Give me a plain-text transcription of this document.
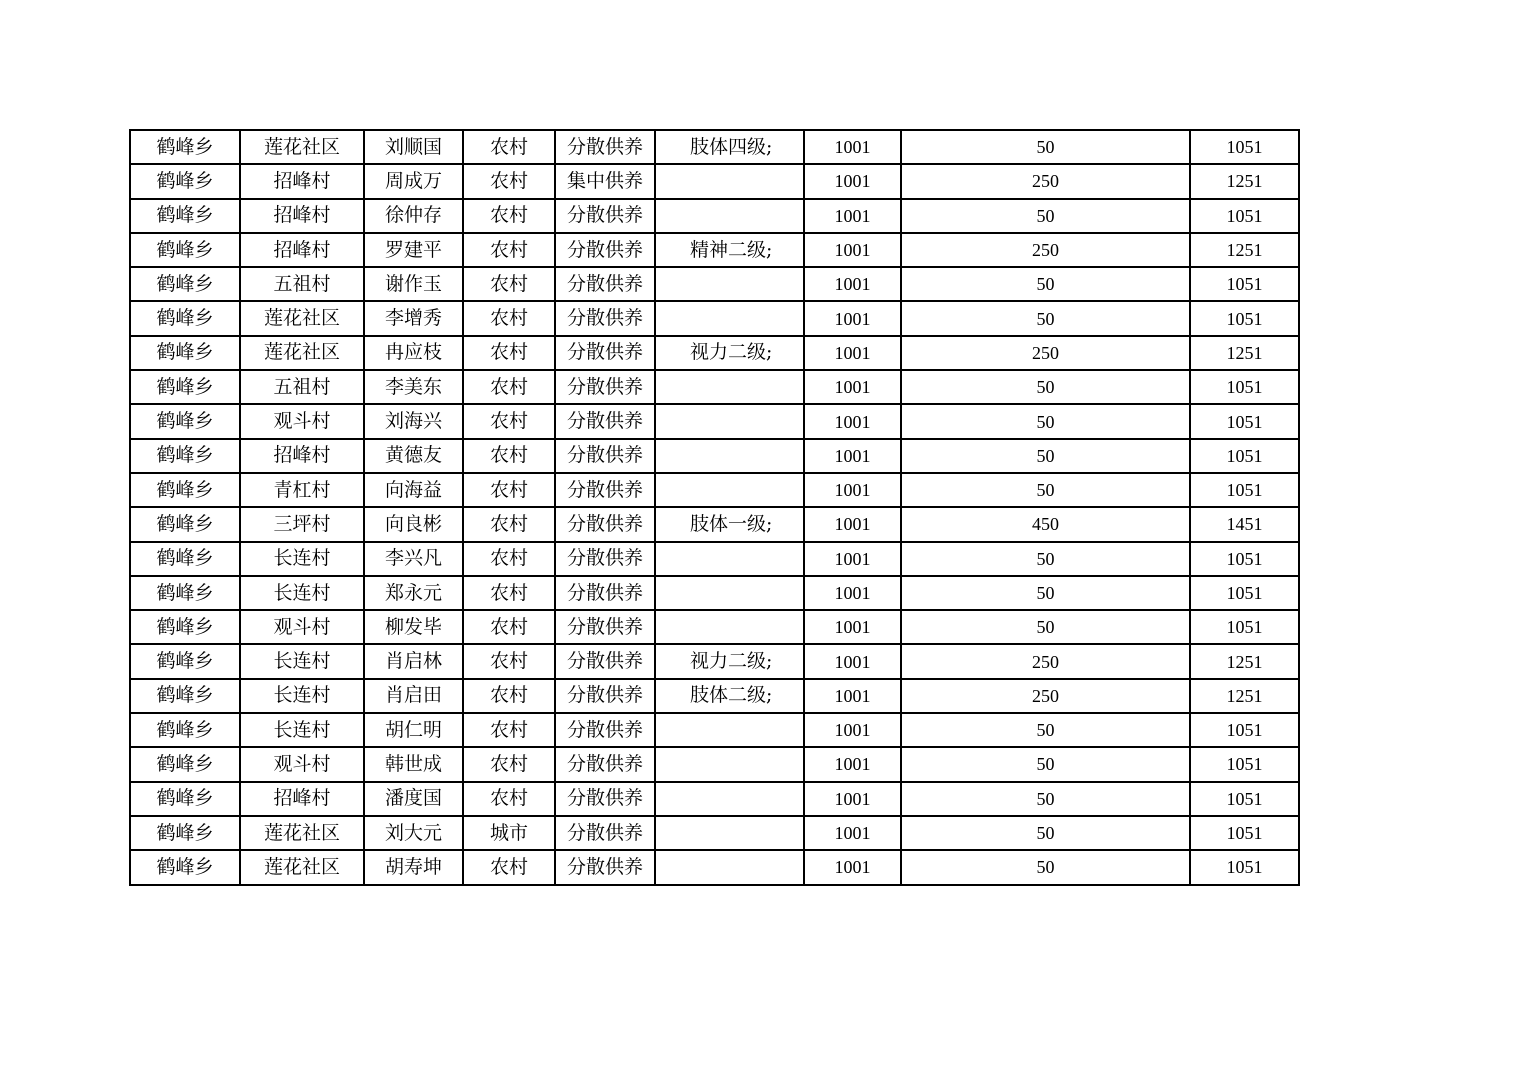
鹤峰乡	莲花社区	刘顺国	农村	分散供养	肢体四级;	1001	50	1051
鹤峰乡	招峰村	周成万	农村	集中供养		1001	250	1251
鹤峰乡	招峰村	徐仲存	农村	分散供养		1001	50	1051
鹤峰乡	招峰村	罗建平	农村	分散供养	精神二级;	1001	250	1251
鹤峰乡	五祖村	谢作玉	农村	分散供养		1001	50	1051
鹤峰乡	莲花社区	李增秀	农村	分散供养		1001	50	1051
鹤峰乡	莲花社区	冉应枝	农村	分散供养	视力二级;	1001	250	1251
鹤峰乡	五祖村	李美东	农村	分散供养		1001	50	1051
鹤峰乡	观斗村	刘海兴	农村	分散供养		1001	50	1051
鹤峰乡	招峰村	黄德友	农村	分散供养		1001	50	1051
鹤峰乡	青杠村	向海益	农村	分散供养		1001	50	1051
鹤峰乡	三坪村	向良彬	农村	分散供养	肢体一级;	1001	450	1451
鹤峰乡	长连村	李兴凡	农村	分散供养		1001	50	1051
鹤峰乡	长连村	郑永元	农村	分散供养		1001	50	1051
鹤峰乡	观斗村	柳发毕	农村	分散供养		1001	50	1051
鹤峰乡	长连村	肖启林	农村	分散供养	视力二级;	1001	250	1251
鹤峰乡	长连村	肖启田	农村	分散供养	肢体二级;	1001	250	1251
鹤峰乡	长连村	胡仁明	农村	分散供养		1001	50	1051
鹤峰乡	观斗村	韩世成	农村	分散供养		1001	50	1051
鹤峰乡	招峰村	潘度国	农村	分散供养		1001	50	1051
鹤峰乡	莲花社区	刘大元	城市	分散供养		1001	50	1051
鹤峰乡	莲花社区	胡寿坤	农村	分散供养		1001	50	1051
